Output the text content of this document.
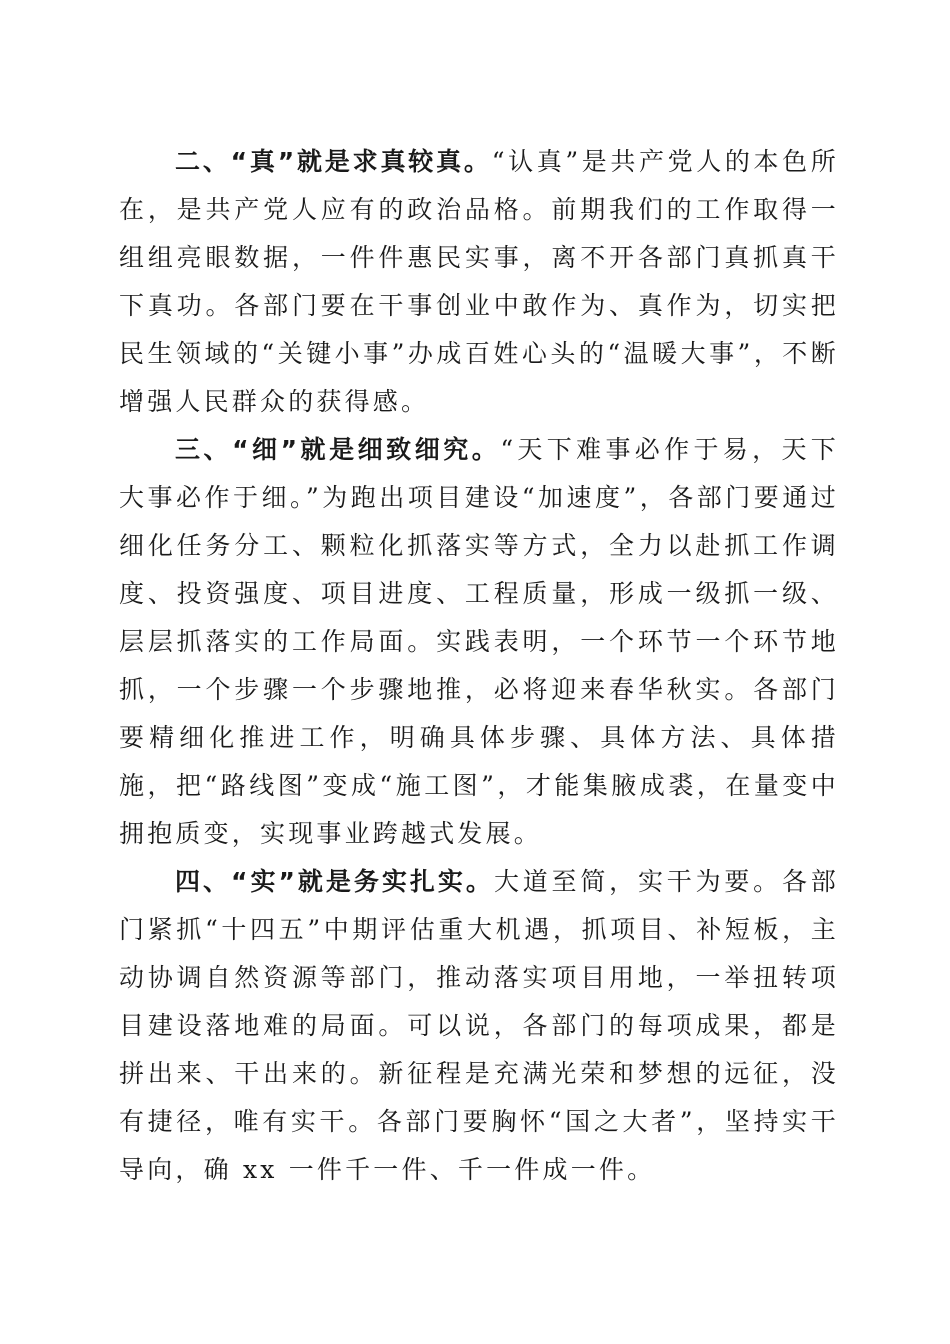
二、“真”就是求真较真。“认真”是共产党人的本色所在，是共产党人应有的政治品格。前期我们的工作取得一组组亮眼数据，一件件惠民实事，离不开各部门真抓真干下真功。各部门要在干事创业中敢作为、真作为，切实把民生领域的“关键小事”办成百姓心头的“温暖大事”，不断增强人民群众的获得感。

三、“细”就是细致细究。“天下难事必作于易，天下大事必作于细。”为跑出项目建设“加速度”，各部门要通过细化任务分工、颗粒化抓落实等方式，全力以赴抓工作调度、投资强度、项目进度、工程质量，形成一级抓一级、层层抓落实的工作局面。实践表明，一个环节一个环节地抓，一个步骤一个步骤地推，必将迎来春华秋实。各部门要精细化推进工作，明确具体步骤、具体方法、具体措施，把“路线图”变成“施工图”，才能集腋成裘，在量变中拥抱质变，实现事业跨越式发展。

四、“实”就是务实扎实。大道至简，实干为要。各部门紧抓“十四五”中期评估重大机遇，抓项目、补短板，主动协调自然资源等部门，推动落实项目用地，一举扭转项目建设落地难的局面。可以说，各部门的每项成果，都是拼出来、干出来的。新征程是充满光荣和梦想的远征，没有捷径，唯有实干。各部门要胸怀“国之大者”，坚持实干导向，确 xx 一件千一件、千一件成一件。
